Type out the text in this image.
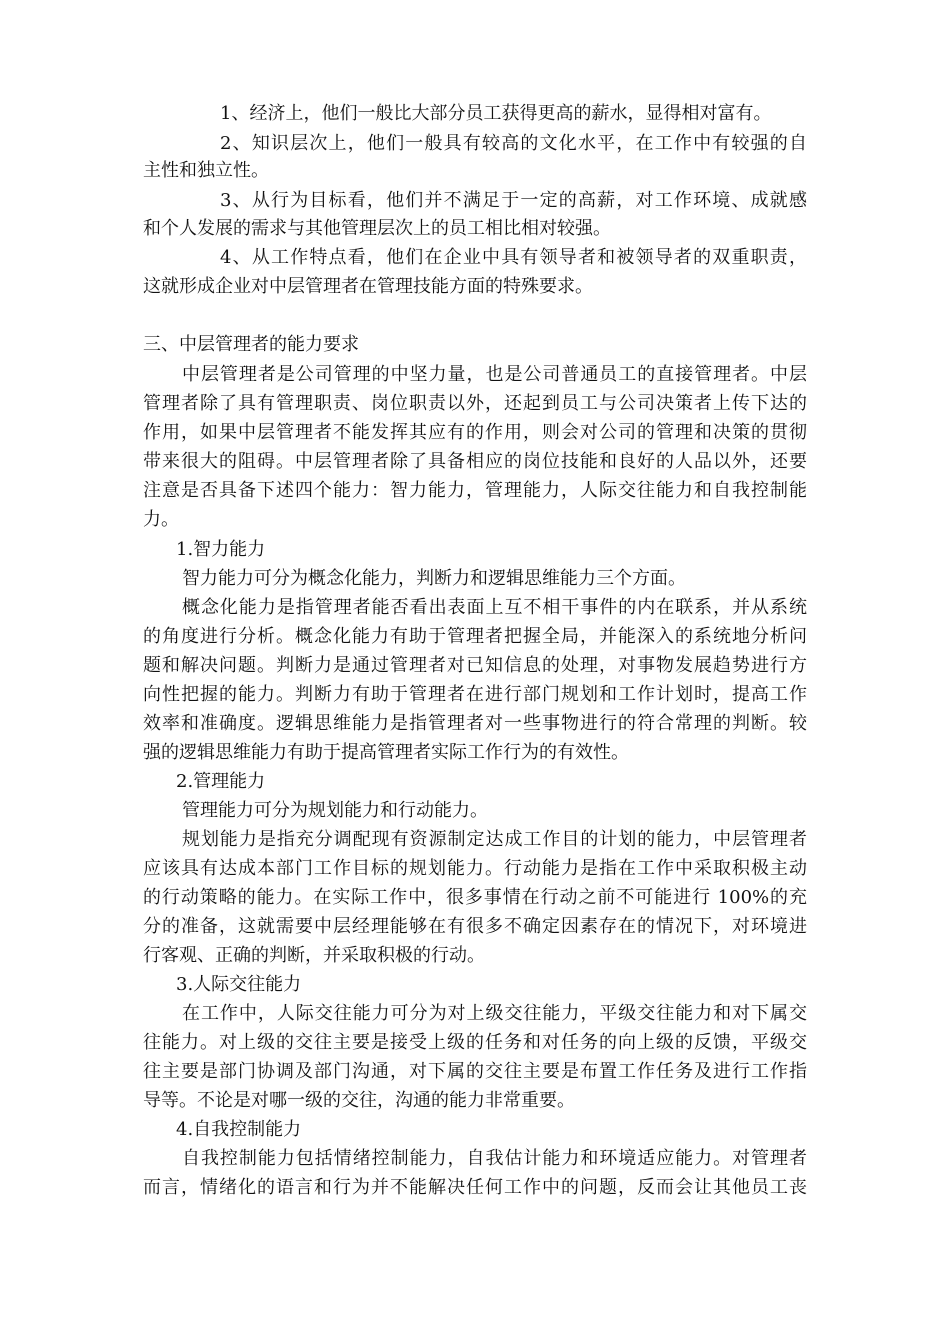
1、经济上，他们一般比大部分员工获得更高的薪水，显得相对富有。
2、知识层次上，他们一般具有较高的文化水平，在工作中有较强的自
主性和独立性。
3、从行为目标看，他们并不满足于一定的高薪，对工作环境、成就感
和个人发展的需求与其他管理层次上的员工相比相对较强。
4、从工作特点看，他们在企业中具有领导者和被领导者的双重职责，
这就形成企业对中层管理者在管理技能方面的特殊要求。
三、中层管理者的能力要求
中层管理者是公司管理的中坚力量，也是公司普通员工的直接管理者。中层
管理者除了具有管理职责、岗位职责以外，还起到员工与公司决策者上传下达的
作用，如果中层管理者不能发挥其应有的作用，则会对公司的管理和决策的贯彻
带来很大的阻碍。中层管理者除了具备相应的岗位技能和良好的人品以外，还要
注意是否具备下述四个能力：智力能力，管理能力，人际交往能力和自我控制能
力。
1.智力能力
智力能力可分为概念化能力，判断力和逻辑思维能力三个方面。
概念化能力是指管理者能否看出表面上互不相干事件的内在联系，并从系统
的角度进行分析。概念化能力有助于管理者把握全局，并能深入的系统地分析问
题和解决问题。判断力是通过管理者对已知信息的处理，对事物发展趋势进行方
向性把握的能力。判断力有助于管理者在进行部门规划和工作计划时，提高工作
效率和准确度。逻辑思维能力是指管理者对一些事物进行的符合常理的判断。较
强的逻辑思维能力有助于提高管理者实际工作行为的有效性。
2.管理能力
管理能力可分为规划能力和行动能力。
规划能力是指充分调配现有资源制定达成工作目的计划的能力，中层管理者
应该具有达成本部门工作目标的规划能力。行动能力是指在工作中采取积极主动
的行动策略的能力。在实际工作中，很多事情在行动之前不可能进行 100%的充
分的准备，这就需要中层经理能够在有很多不确定因素存在的情况下，对环境进
行客观、正确的判断，并采取积极的行动。
3.人际交往能力
在工作中，人际交往能力可分为对上级交往能力，平级交往能力和对下属交
往能力。对上级的交往主要是接受上级的任务和对任务的向上级的反馈，平级交
往主要是部门协调及部门沟通，对下属的交往主要是布置工作任务及进行工作指
导等。不论是对哪一级的交往，沟通的能力非常重要。
4.自我控制能力
自我控制能力包括情绪控制能力，自我估计能力和环境适应能力。对管理者
而言，情绪化的语言和行为并不能解决任何工作中的问题，反而会让其他员工丧
